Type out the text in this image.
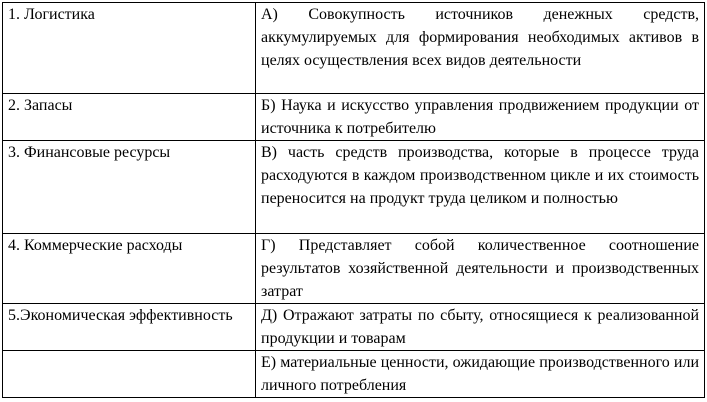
1. Логистика	А) Совокупность источников денежных средств, аккумулируемых для формирования необходимых активов в целях осуществления всех видов деятельности
2. Запасы	Б) Наука и искусство управления продвижением продукции от источника к потребителю
3. Финансовые ресурсы	В) часть средств производства, которые в процессе труда расходуются в каждом производственном цикле и их стоимость переносится на продукт труда целиком и полностью
4. Коммерческие расходы	Г) Представляет собой количественное соотношение результатов хозяйственной деятельности и производственных затрат
5.Экономическая эффективность	Д) Отражают затраты по сбыту, относящиеся к реализованной продукции и товарам
	Е) материальные ценности, ожидающие производственного или личного потребления
